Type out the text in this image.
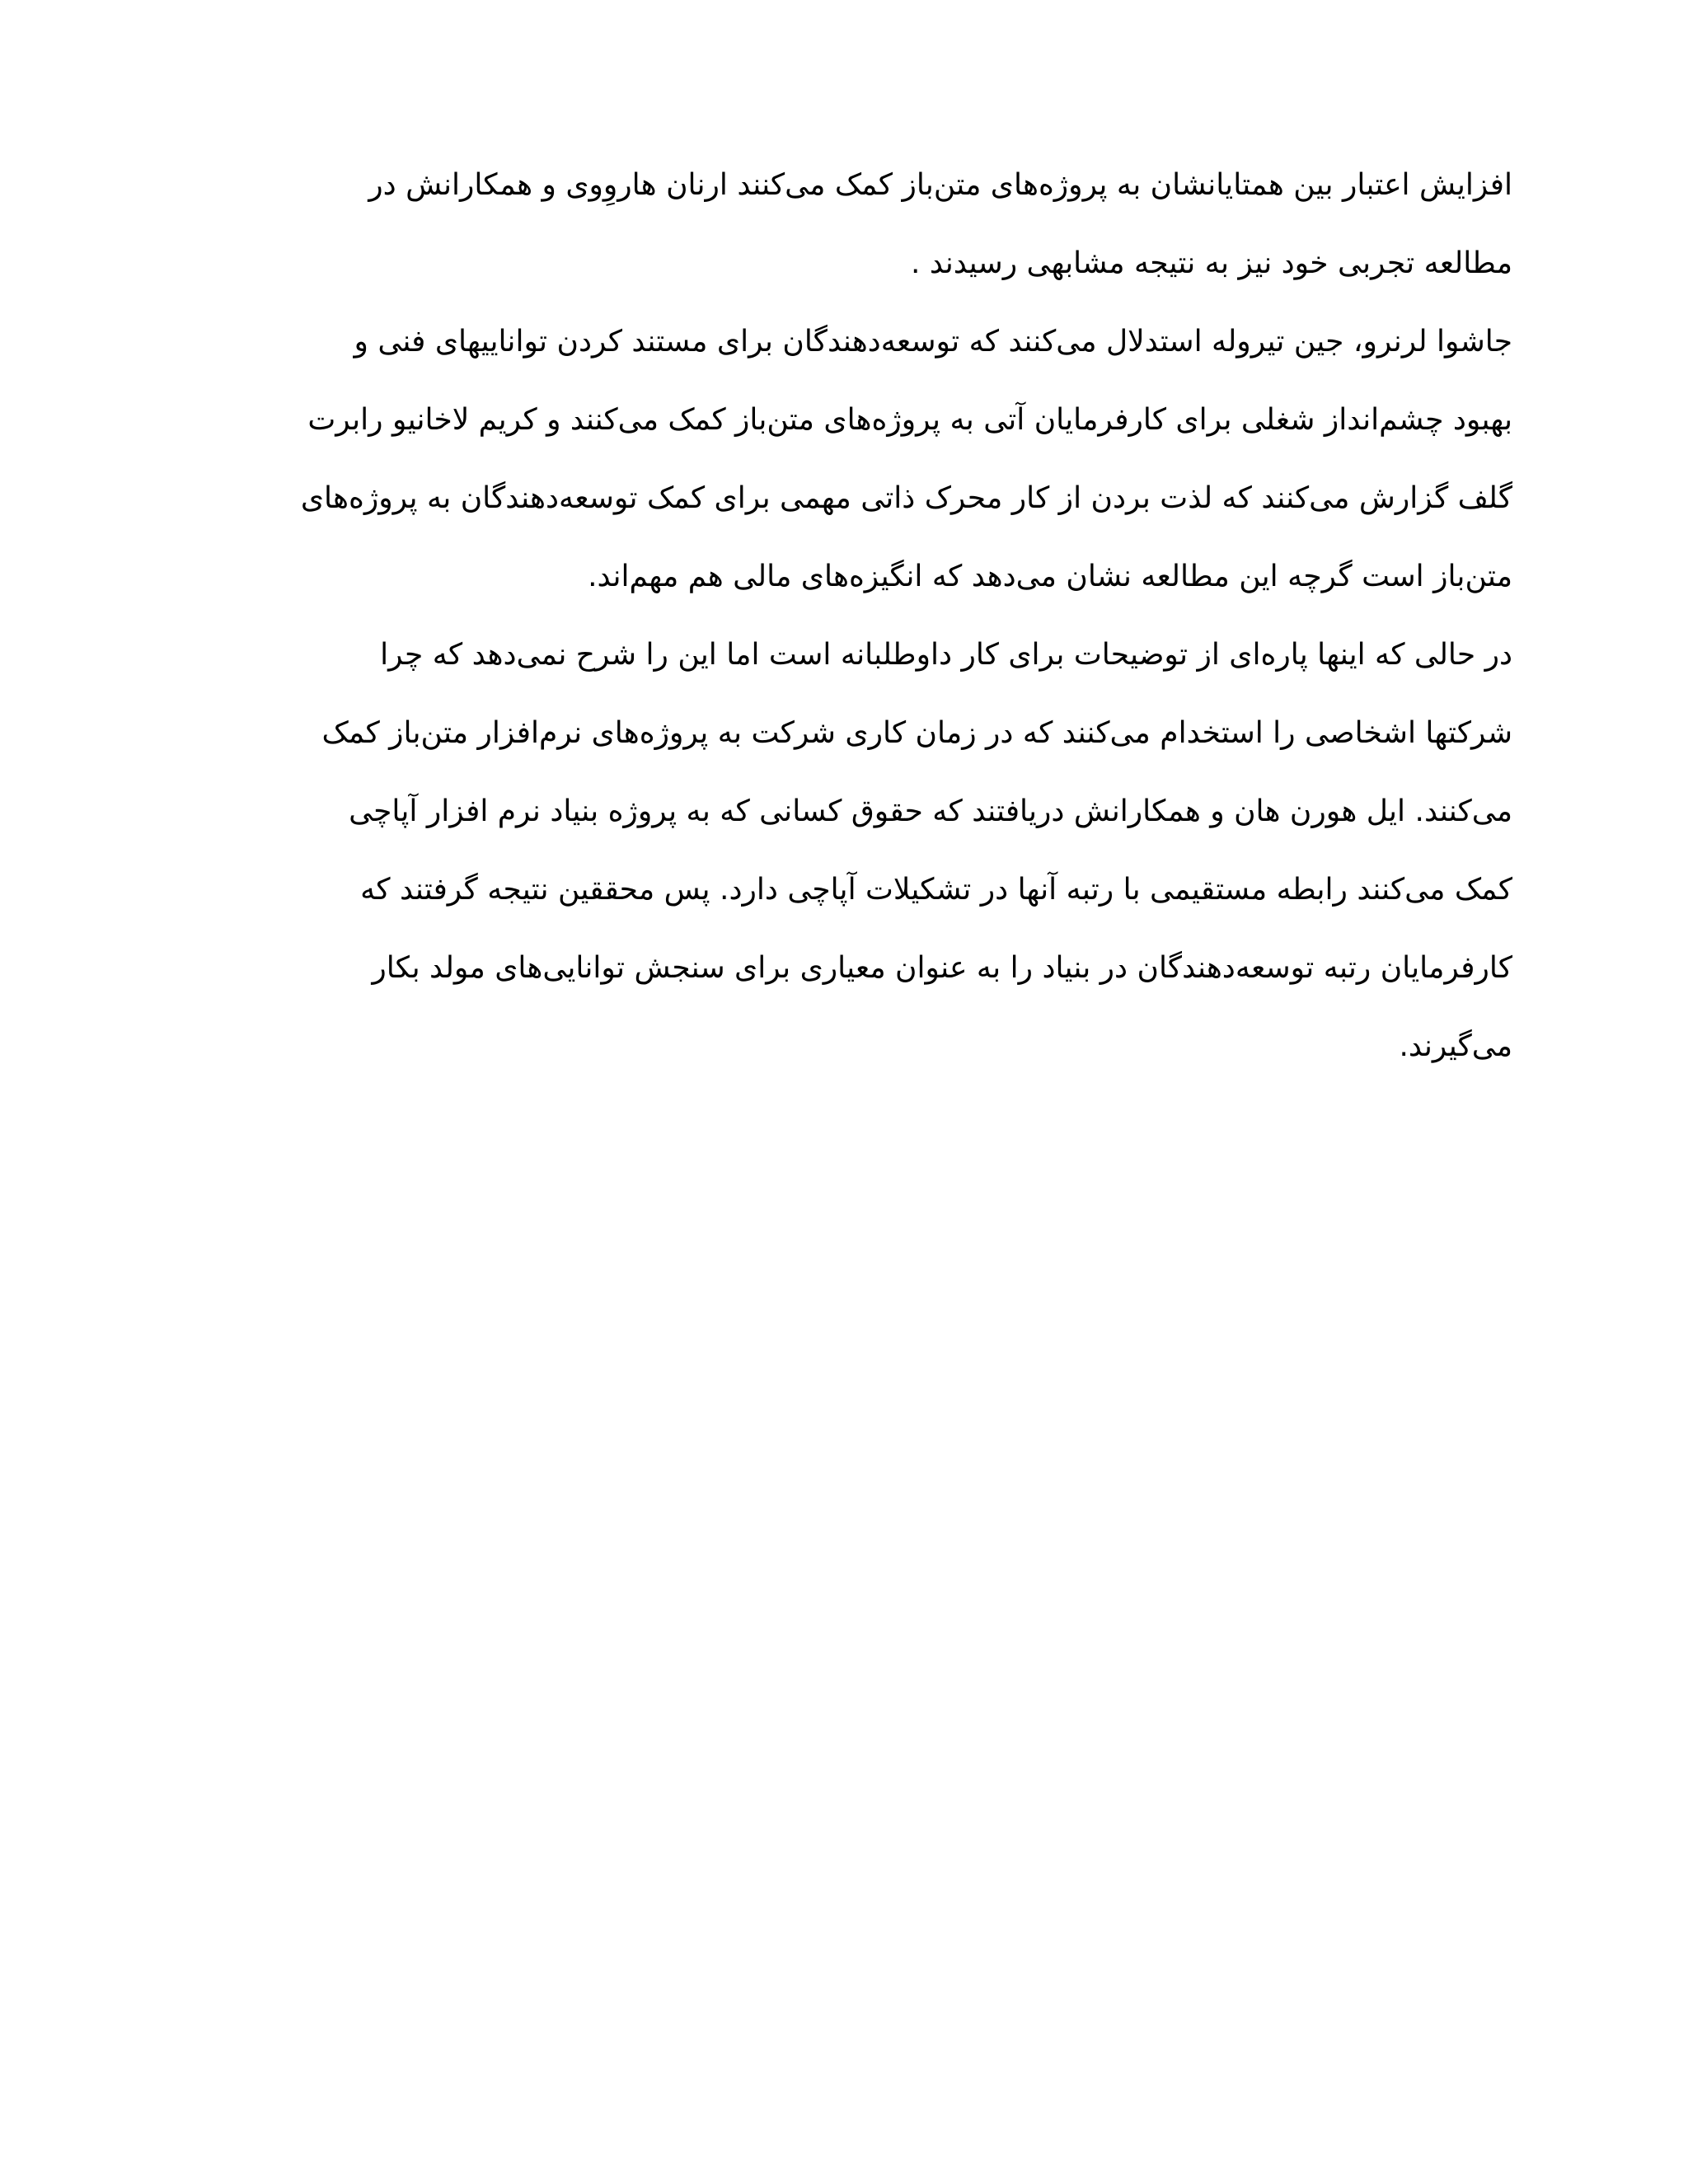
افزایش اعتبار بین همتایانشان به پروژه‌های متن‌باز کمک می‌کنند ارنان هاروِوی و همکارانش در
مطالعه تجربی خود نیز به نتیجه مشابهی رسیدند .
جاشوا لرنرو، جین تیروله استدلال می‌کنند که توسعه‌دهندگان برای مستند کردن تواناییهای فنی و
بهبود چشم‌انداز شغلی برای کارفرمایان آتی به پروژه‌های متن‌باز کمک می‌کنند و کریم لاخانیو رابرت
گلف گزارش می‌کنند که لذت بردن از کار محرک ذاتی مهمی برای کمک توسعه‌دهندگان به پروژه‌های
متن‌باز است گرچه این مطالعه نشان می‌دهد که انگیزه‌های مالی هم مهم‌اند.
در حالی که اینها پاره‌ای از توضیحات برای کار داوطلبانه است اما این را شرح نمی‌دهد که چرا
شرکتها اشخاصی را استخدام می‌کنند که در زمان کاری شرکت به پروژه‌های نرم‌افزار متن‌باز کمک
می‌کنند. ایل هورن هان و همکارانش دریافتند که حقوق کسانی که به پروژه بنیاد نرم افزار آپاچی
کمک می‌کنند رابطه مستقیمی با رتبه آنها در تشکیلات آپاچی دارد. پس محققین نتیجه گرفتند که
کارفرمایان رتبه توسعه‌دهندگان در بنیاد را به عنوان معیاری برای سنجش توانایی‌های مولد بکار
می‌گیرند.
